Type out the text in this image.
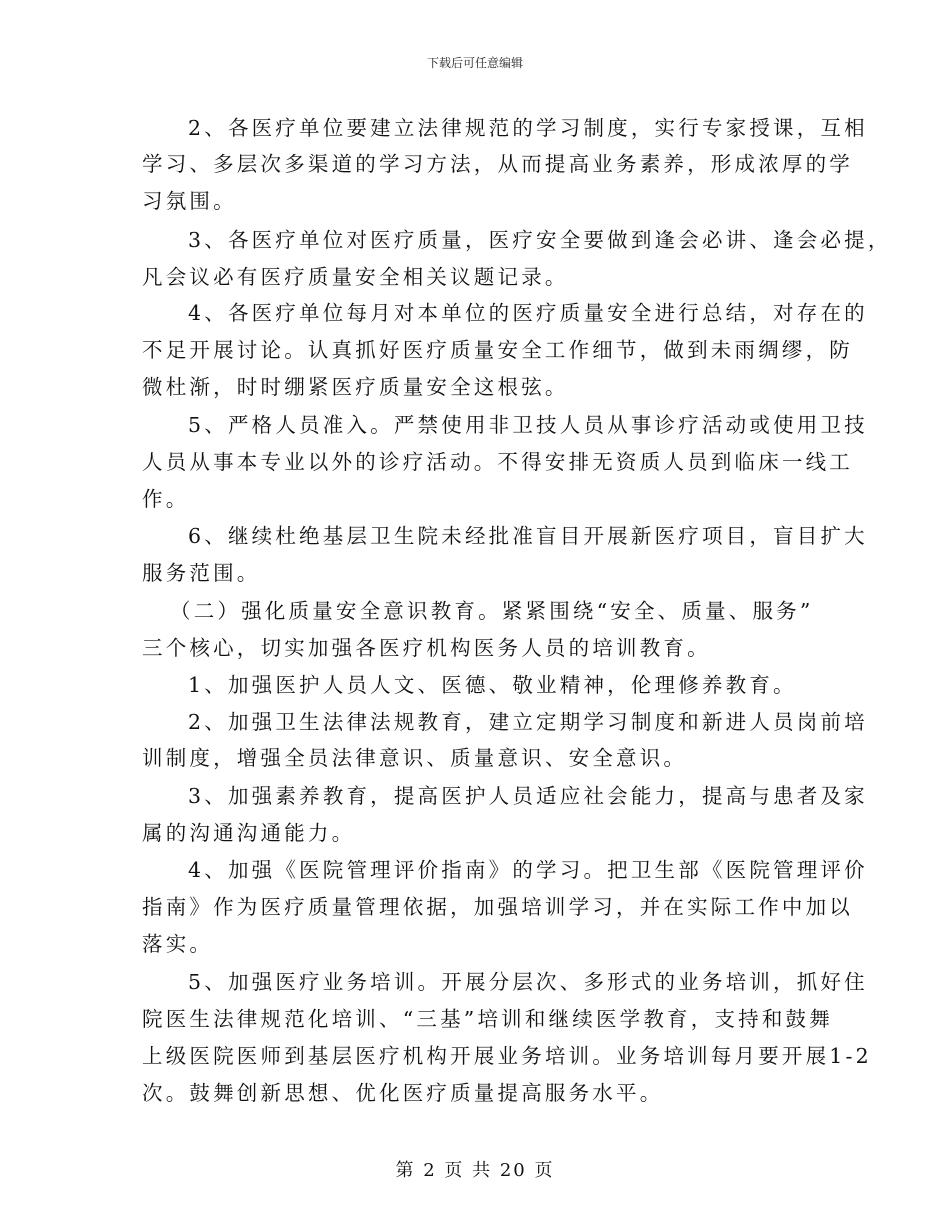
下载后可任意编辑
2、各医疗单位要建立法律规范的学习制度，实行专家授课，互相
学习、多层次多渠道的学习方法，从而提高业务素养，形成浓厚的学
习氛围。
3、各医疗单位对医疗质量，医疗安全要做到逢会必讲、逢会必提，
凡会议必有医疗质量安全相关议题记录。
4、各医疗单位每月对本单位的医疗质量安全进行总结，对存在的
不足开展讨论。认真抓好医疗质量安全工作细节，做到未雨绸缪，防
微杜渐，时时绷紧医疗质量安全这根弦。
5、严格人员准入。严禁使用非卫技人员从事诊疗活动或使用卫技
人员从事本专业以外的诊疗活动。不得安排无资质人员到临床一线工
作。
6、继续杜绝基层卫生院未经批准盲目开展新医疗项目，盲目扩大
服务范围。
（二）强化质量安全意识教育。紧紧围绕“安全、质量、服务”
三个核心，切实加强各医疗机构医务人员的培训教育。
1、加强医护人员人文、医德、敬业精神，伦理修养教育。
2、加强卫生法律法规教育，建立定期学习制度和新进人员岗前培
训制度，增强全员法律意识、质量意识、安全意识。
3、加强素养教育，提高医护人员适应社会能力，提高与患者及家
属的沟通沟通能力。
4、加强《医院管理评价指南》的学习。把卫生部《医院管理评价
指南》作为医疗质量管理依据，加强培训学习，并在实际工作中加以
落实。
5、加强医疗业务培训。开展分层次、多形式的业务培训，抓好住
院医生法律规范化培训、“三基”培训和继续医学教育，支持和鼓舞
上级医院医师到基层医疗机构开展业务培训。业务培训每月要开展1-2
次。鼓舞创新思想、优化医疗质量提高服务水平。
第 2 页 共 20 页
